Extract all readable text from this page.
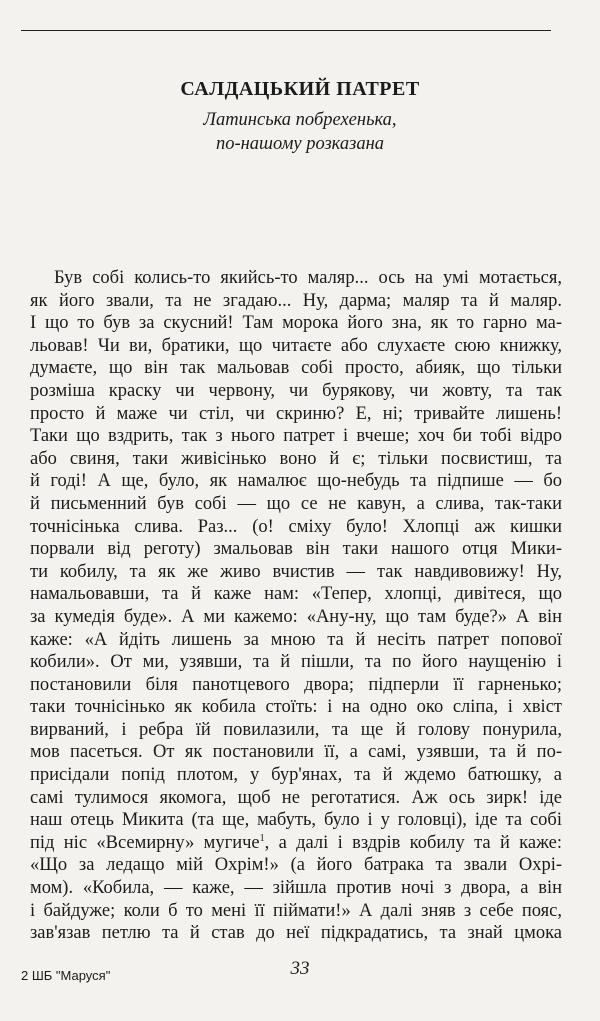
САЛДАЦЬКИЙ ПАТРЕТ
Латинська побрехенька,
по-нашому розказана
Був собі колись-то якийсь-то маляр... ось на умі мотається,
як його звали, та не згадаю... Ну, дарма; маляр та й маляр.
І що то був за скусний! Там морока його зна, як то гарно ма-
льовав! Чи ви, братики, що читаєте або слухаєте сюю книжку,
думаєте, що він так мальовав собі просто, абияк, що тільки
розміша краску чи червону, чи бурякову, чи жовту, та так
просто й маже чи стіл, чи скриню? Е, ні; тривайте лишень!
Таки що вздрить, так з нього патрет і вчеше; хоч би тобі відро
або свиня, таки живісінько воно й є; тільки посвистиш, та
й годі! А ще, було, як намалює що-небудь та підпише — бо
й письменний був собі — що се не кавун, а слива, так-таки
точнісінька слива. Раз... (о! сміху було! Хлопці аж кишки
порвали від реготу) змальовав він таки нашого отця Мики-
ти кобилу, та як же живо вчистив — так навдивовижу! Ну,
намальовавши, та й каже нам: «Тепер, хлопці, дивітеся, що
за кумедія буде». А ми кажемо: «Ану-ну, що там буде?» А він
каже: «А йдіть лишень за мною та й несіть патрет попової
кобили». От ми, узявши, та й пішли, та по його наущенію і
постановили біля панотцевого двора; підперли її гарненько;
таки точнісінько як кобила стоїть: і на одно око сліпа, і хвіст
вирваний, і ребра їй повилазили, та ще й голову понурила,
мов пасеться. От як постановили її, а самі, узявши, та й по-
присідали попід плотом, у бур'янах, та й ждемо батюшку, а
самі тулимося якомога, щоб не реготатися. Аж ось зирк! іде
наш отець Микита (та ще, мабуть, було і у головці), іде та собі
під ніс «Всемирну» мугиче$^1$, а далі і вздрів кобилу та й каже:
«Що за ледащо мій Охрім!» (а його батрака та звали Охрі-
мом). «Кобила, — каже, — зійшла против ночі з двора, а він
і байдуже; коли б то мені її піймати!» А далі зняв з себе пояс,
зав'язав петлю та й став до неї підкрадатись, та знай цмока
2 ШБ "Маруся"	33
